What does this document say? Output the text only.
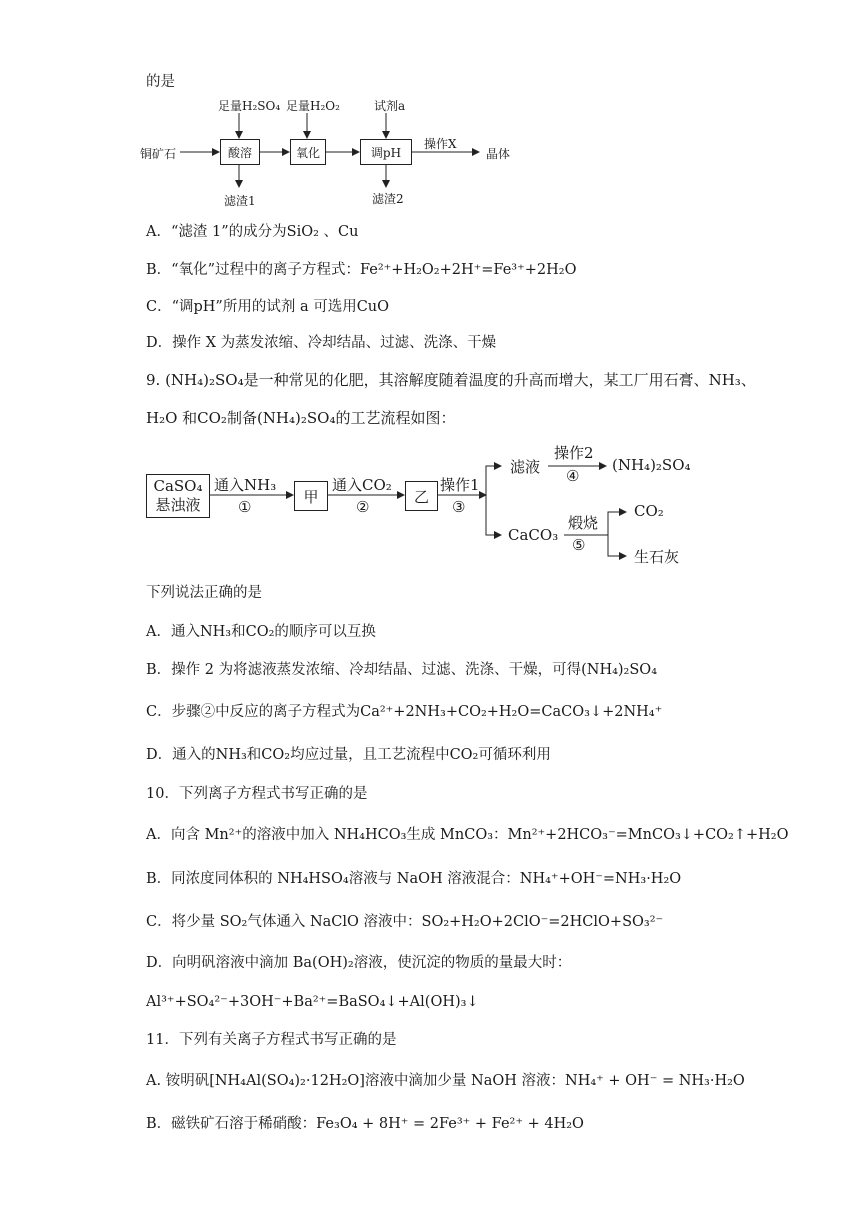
的是
铜矿石
足量H₂SO₄ 足量H₂O₂	试剂a
酸溶	氧化	调pH
操作X
晶体
滤渣1	滤渣2
A．“滤渣 1”的成分为SiO₂ 、Cu
B．“氧化”过程中的离子方程式：Fe²⁺+H₂O₂+2H⁺=Fe³⁺+2H₂O
C．“调pH”所用的试剂 a 可选用CuO
D．操作 X 为蒸发浓缩、冷却结晶、过滤、洗涤、干燥
9. (NH₄)₂SO₄是一种常见的化肥，其溶解度随着温度的升高而增大，某工厂用石膏、NH₃、
H₂O 和CO₂制备(NH₄)₂SO₄的工艺流程如图：
CaSO₄
悬浊液
通入NH₃
①
甲
通入CO₂
②
乙
操作1
③
滤液
操作2
④
(NH₄)₂SO₄
CaCO₃
煅烧
⑤
CO₂
生石灰
下列说法正确的是
A．通入NH₃和CO₂的顺序可以互换
B．操作 2 为将滤液蒸发浓缩、冷却结晶、过滤、洗涤、干燥，可得(NH₄)₂SO₄
C．步骤②中反应的离子方程式为Ca²⁺+2NH₃+CO₂+H₂O=CaCO₃↓+2NH₄⁺
D．通入的NH₃和CO₂均应过量，且工艺流程中CO₂可循环利用
10．下列离子方程式书写正确的是
A．向含 Mn²⁺的溶液中加入 NH₄HCO₃生成 MnCO₃：Mn²⁺+2HCO₃⁻=MnCO₃↓+CO₂↑+H₂O
B．同浓度同体积的 NH₄HSO₄溶液与 NaOH 溶液混合：NH₄⁺+OH⁻=NH₃·H₂O
C．将少量 SO₂气体通入 NaClO 溶液中：SO₂+H₂O+2ClO⁻=2HClO+SO₃²⁻
D．向明矾溶液中滴加 Ba(OH)₂溶液，使沉淀的物质的量最大时：
Al³⁺+SO₄²⁻+3OH⁻+Ba²⁺=BaSO₄↓+Al(OH)₃↓
11．下列有关离子方程式书写正确的是
A. 铵明矾[NH₄Al(SO₄)₂·12H₂O]溶液中滴加少量 NaOH 溶液：NH₄⁺ + OH⁻ = NH₃·H₂O
B．磁铁矿石溶于稀硝酸：Fe₃O₄ + 8H⁺ = 2Fe³⁺ + Fe²⁺ + 4H₂O
